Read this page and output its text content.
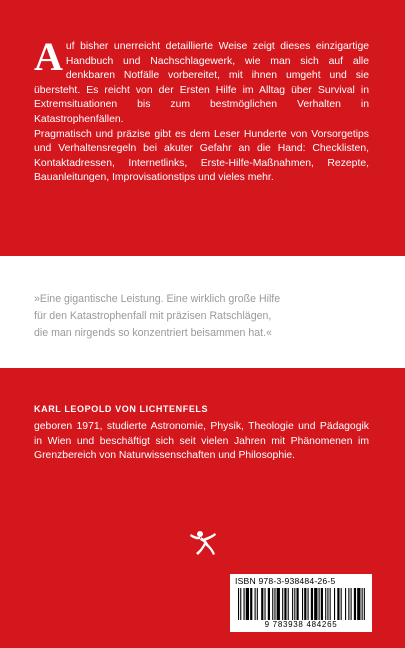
Auf bisher unerreicht detaillierte Weise zeigt dieses einzigartige Handbuch und Nachschlagewerk, wie man sich auf alle denkbaren Notfälle vorbereitet, mit ihnen umgeht und sie übersteht. Es reicht von der Ersten Hilfe im Alltag über Survival in Extremsituationen bis zum bestmöglichen Verhalten in Katastrophenfällen.

Pragmatisch und präzise gibt es dem Leser Hunderte von Vorsorgetips und Verhaltensregeln bei akuter Gefahr an die Hand: Checklisten, Kontaktadressen, Internetlinks, Erste-Hilfe-Maßnahmen, Rezepte, Bauanleitungen, Improvisationstips und vieles mehr.

»Eine gigantische Leistung. Eine wirklich große Hilfe
für den Katastrophenfall mit präzisen Ratschlägen,
die man nirgends so konzentriert beisammen hat.«
KARL LEOPOLD VON LICHTENFELS
geboren 1971, studierte Astronomie, Physik, Theologie und Pädagogik in Wien und beschäftigt sich seit vielen Jahren mit Phänomenen im Grenzbereich von Naturwissenschaften und Philosophie.
ISBN 978-3-938484-26-5
9 783938 484265
